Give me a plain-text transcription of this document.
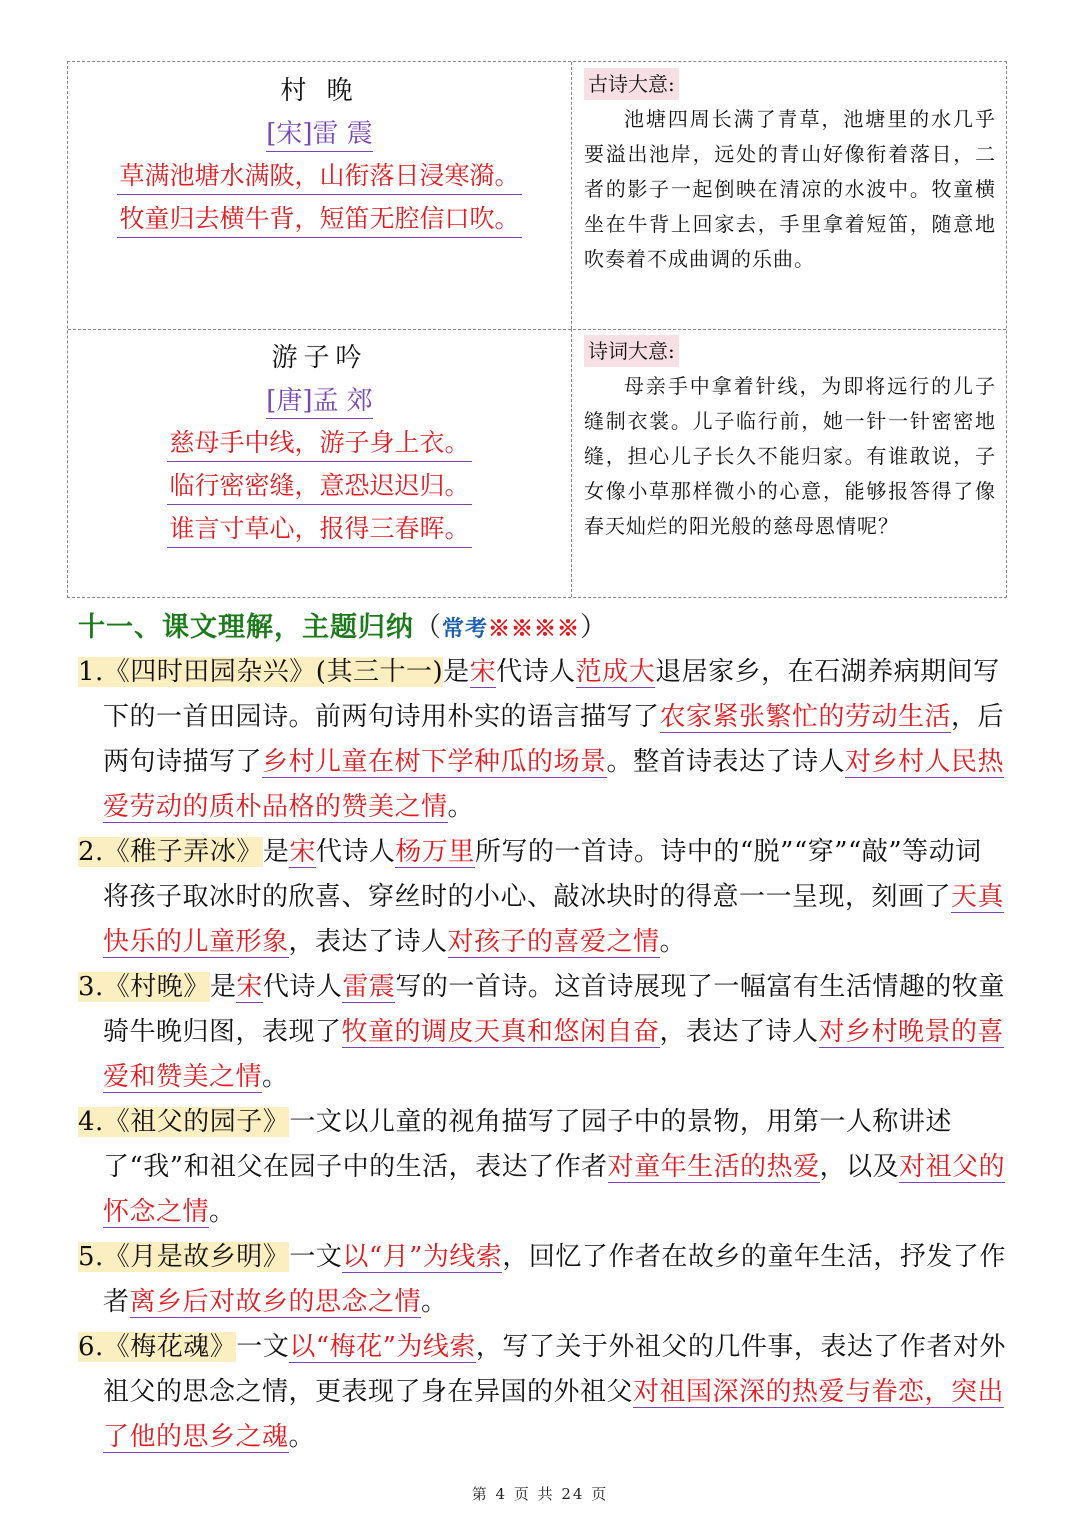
村 晚
[宋]雷 震
草满池塘水满陂，山衔落日浸寒漪。
牧童归去横牛背，短笛无腔信口吹。
古诗大意:

池塘四周长满了青草，池塘里的水几乎要溢出池岸，远处的青山好像衔着落日，二者的影子一起倒映在清凉的水波中。牧童横坐在牛背上回家去，手里拿着短笛，随意地吹奏着不成曲调的乐曲。

游子吟
[唐]孟 郊
慈母手中线，游子身上衣。
临行密密缝，意恐迟迟归。
谁言寸草心，报得三春晖。
诗词大意:

母亲手中拿着针线，为即将远行的儿子缝制衣裳。儿子临行前，她一针一针密密地缝，担心儿子长久不能归家。有谁敢说，子女像小草那样微小的心意，能够报答得了像春天灿烂的阳光般的慈母恩情呢？

十一、课文理解，主题归纳（常考※※※※）
1.《四时田园杂兴》(其三十一)是宋代诗人范成大退居家乡，在石湖养病期间写下的一首田园诗。前两句诗用朴实的语言描写了农家紧张繁忙的劳动生活，后两句诗描写了乡村儿童在树下学种瓜的场景。整首诗表达了诗人对乡村人民热爱劳动的质朴品格的赞美之情。
2.《稚子弄冰》是宋代诗人杨万里所写的一首诗。诗中的“脱”“穿”“敲”等动词将孩子取冰时的欣喜、穿丝时的小心、敲冰块时的得意一一呈现，刻画了天真快乐的儿童形象，表达了诗人对孩子的喜爱之情。
3.《村晚》是宋代诗人雷震写的一首诗。这首诗展现了一幅富有生活情趣的牧童骑牛晚归图，表现了牧童的调皮天真和悠闲自奋，表达了诗人对乡村晚景的喜爱和赞美之情。
4.《祖父的园子》一文以儿童的视角描写了园子中的景物，用第一人称讲述了“我”和祖父在园子中的生活，表达了作者对童年生活的热爱，以及对祖父的怀念之情。
5.《月是故乡明》一文以“月”为线索，回忆了作者在故乡的童年生活，抒发了作者离乡后对故乡的思念之情。
6.《梅花魂》一文以“梅花”为线索，写了关于外祖父的几件事，表达了作者对外祖父的思念之情，更表现了身在异国的外祖父对祖国深深的热爱与眷恋，突出了他的思乡之魂。
第 4 页 共 24 页
